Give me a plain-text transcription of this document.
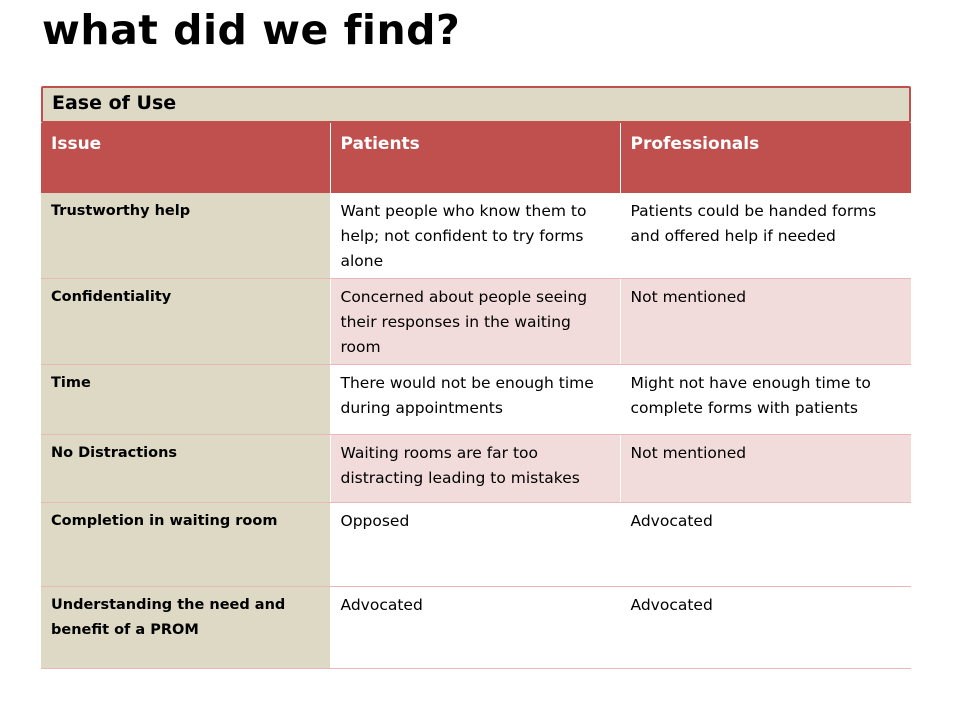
what did we find?
Ease of Use
Issue	Patients	Professionals
Trustworthy help	Want people who know them to help; not confident to try forms alone	Patients could be handed forms and offered help if needed
Confidentiality	Concerned about people seeing their responses in the waiting room	Not mentioned
Time	There would not be enough time during appointments	Might not have enough time to complete forms with patients
No Distractions	Waiting rooms are far too distracting leading to mistakes	Not mentioned
Completion in waiting room	Opposed	Advocated
Understanding the need and benefit of a PROM	Advocated	Advocated
